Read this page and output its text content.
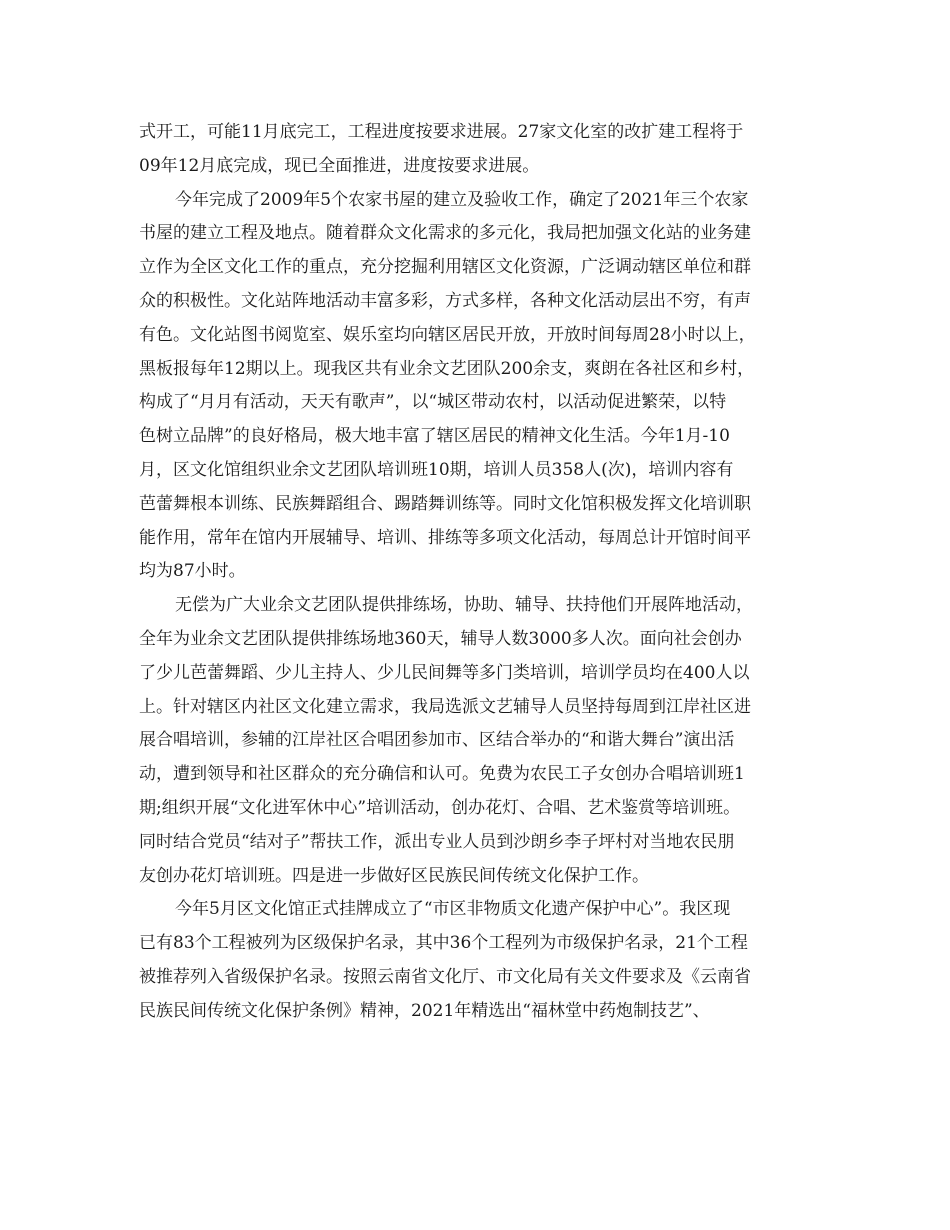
式开工，可能11月底完工，工程进度按要求进展。27家文化室的改扩建工程将于
09年12月底完成，现已全面推进，进度按要求进展。
今年完成了2009年5个农家书屋的建立及验收工作，确定了2021年三个农家
书屋的建立工程及地点。随着群众文化需求的多元化，我局把加强文化站的业务建
立作为全区文化工作的重点，充分挖掘利用辖区文化资源，广泛调动辖区单位和群
众的积极性。文化站阵地活动丰富多彩，方式多样，各种文化活动层出不穷，有声
有色。文化站图书阅览室、娱乐室均向辖区居民开放，开放时间每周28小时以上，
黑板报每年12期以上。现我区共有业余文艺团队200余支，爽朗在各社区和乡村，
构成了“月月有活动，天天有歌声”，以“城区带动农村，以活动促进繁荣，以特
色树立品牌”的良好格局，极大地丰富了辖区居民的精神文化生活。今年1月-10
月，区文化馆组织业余文艺团队培训班10期，培训人员358人(次)，培训内容有
芭蕾舞根本训练、民族舞蹈组合、踢踏舞训练等。同时文化馆积极发挥文化培训职
能作用，常年在馆内开展辅导、培训、排练等多项文化活动，每周总计开馆时间平
均为87小时。
无偿为广大业余文艺团队提供排练场，协助、辅导、扶持他们开展阵地活动，
全年为业余文艺团队提供排练场地360天，辅导人数3000多人次。面向社会创办
了少儿芭蕾舞蹈、少儿主持人、少儿民间舞等多门类培训，培训学员均在400人以
上。针对辖区内社区文化建立需求，我局选派文艺辅导人员坚持每周到江岸社区进
展合唱培训，参辅的江岸社区合唱团参加市、区结合举办的“和谐大舞台”演出活
动，遭到领导和社区群众的充分确信和认可。免费为农民工子女创办合唱培训班1
期;组织开展“文化进军休中心”培训活动，创办花灯、合唱、艺术鉴赏等培训班。
同时结合党员“结对子”帮扶工作，派出专业人员到沙朗乡李子坪村对当地农民朋
友创办花灯培训班。四是进一步做好区民族民间传统文化保护工作。
今年5月区文化馆正式挂牌成立了“市区非物质文化遗产保护中心”。我区现
已有83个工程被列为区级保护名录，其中36个工程列为市级保护名录，21个工程
被推荐列入省级保护名录。按照云南省文化厅、市文化局有关文件要求及《云南省
民族民间传统文化保护条例》精神，2021年精选出“福林堂中药炮制技艺”、
